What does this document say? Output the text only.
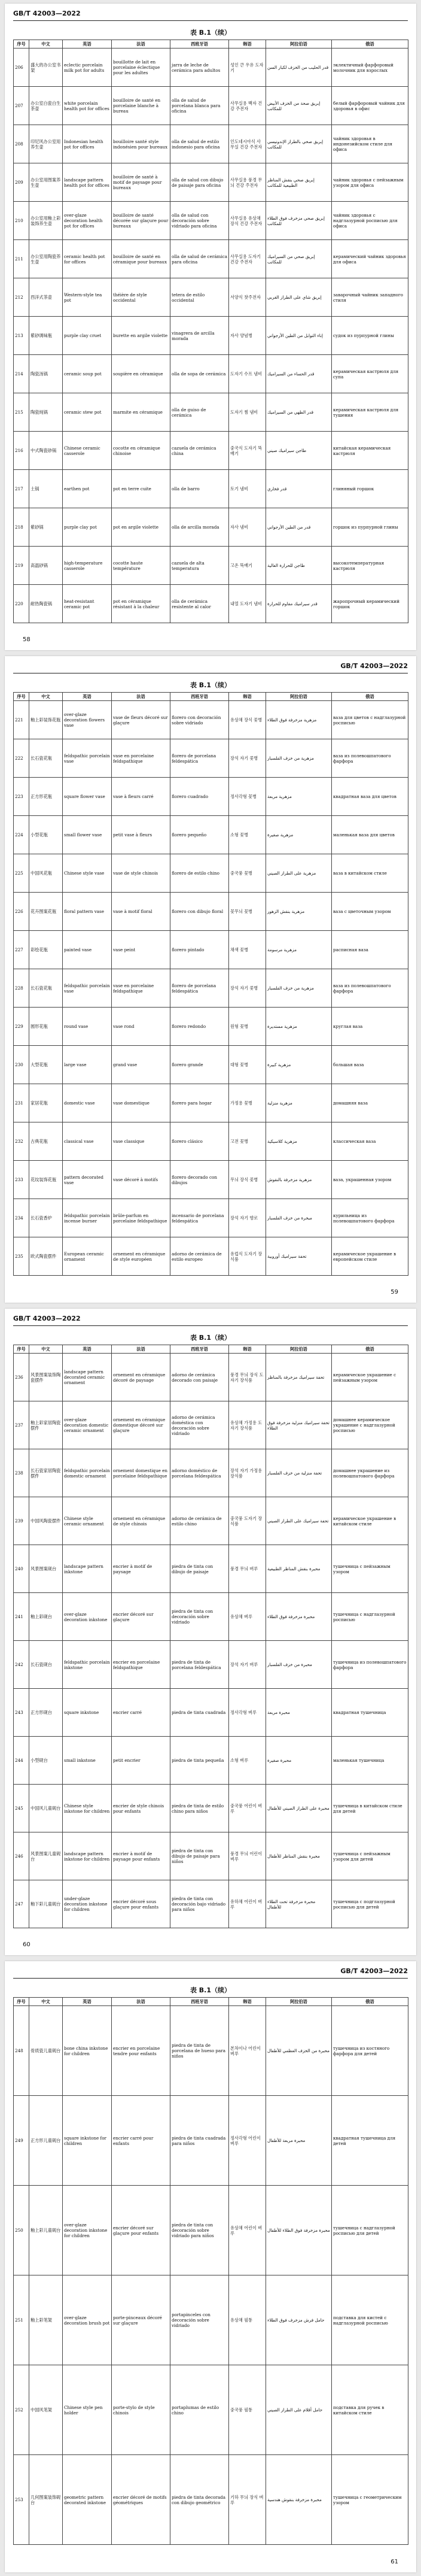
GB/T 42003—2022
表 B.1（续）
序号	中文	英语	法语	西班牙语	韩语	阿拉伯语	俄语
206	盛大的办公室书架	eclectic porcelain milk pot for adults	bouillotte de lait en porcelaine éclectique pour les adultes	jarra de leche de cerámica para adultos	성인 큰 우유 도자기	قدر الحليب من الخزف لكبار السن	эклектичный фарфоровый молочник для взрослых
207	办公室白瓷白生茶壶	white porcelain health pot for offices	bouilloire de santé en porcelaine blanche à bureau	olla de salud de porcelana blanca para oficina	사무실용 백자 건강 주전자	إبريق صحة من الخزف الأبيض للمكاتب	белый фарфоровый чайник для здоровья в офис
208	印尼风办公室用养生壶	Indonesian health pot for offices	bouilloire santé style indonésien pour bureaux	olla de salud de estilo indonesio para oficina	인도네시아식 사무실 건강 주전자	إبريق صحي بالطراز الإندونيسي للمكاتب	чайник здоровья в индонезийском стиле для офиса
209	办公室用图案养生壶	landscape pattern health pot for offices	bouilloire de santé à motif de paysage pour bureaux	olla de salud con dibujo de paisaje para oficina	사무실용 풍경 무늬 건강 주전자	إبريق صحي بنقش المناظر الطبيعية للمكاتب	чайник здоровья с пейзажным узором для офиса
210	办公室用釉上彩装饰养生壶	over-glaze decoration health pot for offices	bouilloire de santé décorée sur glaçure pour bureaux	olla de salud con decoración sobre vidriado para oficina	사무실용 유상채 장식 건강 주전자	إبريق صحي مزخرف فوق الطلاء للمكاتب	чайник здоровья с надглазурной росписью для офиса
211	办公室用陶瓷养生壶	ceramic health pot for offices	bouilloire de santé en céramique pour bureaux	olla de salud de cerámica para oficina	사무실용 도자기 건강 주전자	إبريق صحي من السيراميك للمكاتب	керамический чайник здоровья для офиса
212	西洋式茶壶	Western-style tea pot	théière de style occidental	tetera de estilo occidental	서양식 찻주전자	إبريق شاي على الطراز الغربي	заварочный чайник западного стиля
213	紫砂调味瓶	purple clay cruet	burette en argile violette	vinagrera de arcilla morada	자사 양념병	إناء التوابل من الطين الأرجواني	судок из пурпурной глины
214	陶瓷汤锅	ceramic soup pot	soupière en céramique	olla de sopa de cerámica	도자기 수프 냄비	قدر الحساء من السيراميك	керамическая кастрюля для супа
215	陶瓷炖锅	ceramic stew pot	marmite en céramique	olla de guiso de cerámica	도자기 찜 냄비	قدر الطهي من السيراميك	керамическая кастрюля для тушения
216	中式陶瓷砂锅	Chinese ceramic casserole	cocotte en céramique chinoise	cazuela de cerámica china	중국식 도자기 뚝배기	طاجن سيراميك صيني	китайская керамическая кастрюля
217	土锅	earthen pot	pot en terre cuite	olla de barro	토기 냄비	قدر فخاري	глиняный горшок
218	紫砂锅	purple clay pot	pot en argile violette	olla de arcilla morada	자사 냄비	قدر من الطين الأرجواني	горшок из пурпурной глины
219	高温砂锅	high-temperature casserole	cocotte haute température	cazuela de alta temperatura	고온 뚝배기	طاجن للحرارة العالية	высокотемпературная кастрюля
220	耐热陶瓷锅	heat-resistant ceramic pot	pot en céramique résistant à la chaleur	olla de cerámica resistente al calor	내열 도자기 냄비	قدر سيراميك مقاوم للحرارة	жаропрочный керамический горшок
58
GB/T 42003—2022
表 B.1（续）
序号	中文	英语	法语	西班牙语	韩语	阿拉伯语	俄语
221	釉上彩装饰花瓶	over-glaze decoration flowers vase	vase de fleurs décoré sur glaçure	florero con decoración sobre vidriado	유상채 장식 꽃병	مزهرية مزخرفة فوق الطلاء	ваза для цветов с надглазурной росписью
222	长石瓷花瓶	feldspathic porcelain vase	vase en porcelaine feldspathique	florero de porcelana feldespática	장석 자기 꽃병	مزهرية من خزف الفلسبار	ваза из полевошпатового фарфора
223	正方形花瓶	square flower vase	vase à fleurs carré	florero cuadrado	정사각형 꽃병	مزهرية مربعة	квадратная ваза для цветов
224	小型花瓶	small flower vase	petit vase à fleurs	florero pequeño	소형 꽃병	مزهرية صغيرة	маленькая ваза для цветов
225	中国风花瓶	Chinese style vase	vase de style chinois	florero de estilo chino	중국풍 꽃병	مزهرية على الطراز الصيني	ваза в китайском стиле
226	花卉图案花瓶	floral pattern vase	vase à motif floral	florero con dibujo floral	꽃무늬 꽃병	مزهرية بنقش الزهور	ваза с цветочным узором
227	彩绘花瓶	painted vase	vase peint	florero pintado	채색 꽃병	مزهرية مرسومة	расписная ваза
228	长石瓷花瓶	feldspathic porcelain vase	vase en porcelaine feldspathique	florero de porcelana feldespática	장석 자기 꽃병	مزهرية من خزف الفلسبار	ваза из полевошпатового фарфора
229	圆形花瓶	round vase	vase rond	florero redondo	원형 꽃병	مزهرية مستديرة	круглая ваза
230	大型花瓶	large vase	grand vase	florero grande	대형 꽃병	مزهرية كبيرة	большая ваза
231	家居花瓶	domestic vase	vase domestique	florero para hogar	가정용 꽃병	مزهرية منزلية	домашняя ваза
232	古典花瓶	classical vase	vase classique	florero clásico	고전 꽃병	مزهرية كلاسيكية	классическая ваза
233	花纹装饰花瓶	pattern decorated vase	vase décoré à motifs	florero decorado con dibujos	무늬 장식 꽃병	مزهرية مزخرفة بالنقوش	ваза, украшенная узором
234	长石瓷香炉	feldspathic porcelain incense burner	brûle-parfum en porcelaine feldspathique	incensario de porcelana feldespática	장석 자기 향로	مبخرة من خزف الفلسبار	курильница из полевошпатового фарфора
235	欧式陶瓷摆件	European ceramic ornament	ornement en céramique de style européen	adorno de cerámica de estilo europeo	유럽식 도자기 장식품	تحفة سيراميك أوروبية	керамическое украшение в европейском стиле
59
GB/T 42003—2022
表 B.1（续）
序号	中文	英语	法语	西班牙语	韩语	阿拉伯语	俄语
236	风景图案装饰陶瓷摆件	landscape pattern decorated ceramic ornament	ornement en céramique décoré de paysage	adorno de cerámica decorado con paisaje	풍경 무늬 장식 도자기 장식품	تحفة سيراميك مزخرفة بالمناظر	керамическое украшение с пейзажным узором
237	釉上彩家居陶瓷摆件	over-glaze decoration domestic ceramic ornament	ornement en céramique domestique décoré sur glaçure	adorno de cerámica doméstica con decoración sobre vidriado	유상채 가정용 도자기 장식품	تحفة سيراميك منزلية مزخرفة فوق الطلاء	домашнее керамическое украшение с надглазурной росписью
238	长石瓷家居陶瓷摆件	feldspathic porcelain domestic ornament	ornement domestique en porcelaine feldspathique	adorno doméstico de porcelana feldespática	장석 자기 가정용 장식품	تحفة منزلية من خزف الفلسبار	домашнее украшение из полевошпатового фарфора
239	中国风陶瓷摆件	Chinese style ceramic ornament	ornement en céramique de style chinois	adorno de cerámica de estilo chino	중국풍 도자기 장식품	تحفة سيراميك على الطراز الصيني	керамическое украшение в китайском стиле
240	风景图案砚台	landscape pattern inkstone	encrier à motif de paysage	piedra de tinta con dibujo de paisaje	풍경 무늬 벼루	محبرة بنقش المناظر الطبيعية	тушечница с пейзажным узором
241	釉上彩砚台	over-glaze decoration inkstone	encrier décoré sur glaçure	piedra de tinta con decoración sobre vidriado	유상채 벼루	محبرة مزخرفة فوق الطلاء	тушечница с надглазурной росписью
242	长石瓷砚台	feldspathic porcelain inkstone	encrier en porcelaine feldspathique	piedra de tinta de porcelana feldespática	장석 자기 벼루	محبرة من خزف الفلسبار	тушечница из полевошпатового фарфора
243	正方形砚台	square inkstone	encrier carré	piedra de tinta cuadrada	정사각형 벼루	محبرة مربعة	квадратная тушечница
244	小型砚台	small inkstone	petit encrier	piedra de tinta pequeña	소형 벼루	محبرة صغيرة	маленькая тушечница
245	中国风儿童砚台	Chinese style inkstone for children	encrier de style chinois pour enfants	piedra de tinta de estilo chino para niños	중국풍 어린이 벼루	محبرة على الطراز الصيني للأطفال	тушечница в китайском стиле для детей
246	风景图案儿童砚台	landscape pattern inkstone for children	encrier à motif de paysage pour enfants	piedra de tinta con dibujo de paisaje para niños	풍경 무늬 어린이 벼루	محبرة بنقش المناظر للأطفال	тушечница с пейзажным узором для детей
247	釉下彩儿童砚台	under-glaze decoration inkstone for children	encrier décoré sous glaçure pour enfants	piedra de tinta con decoración bajo vidriado para niños	유하채 어린이 벼루	محبرة مزخرفة تحت الطلاء للأطفال	тушечница с подглазурной росписью для детей
60
GB/T 42003—2022
表 B.1（续）
序号	中文	英语	法语	西班牙语	韩语	阿拉伯语	俄语
248	骨质瓷儿童砚台	bone china inkstone for children	encrier en porcelaine tendre pour enfants	piedra de tinta de porcelana de hueso para niños	본차이나 어린이 벼루	محبرة من الخزف العظمي للأطفال	тушечница из костяного фарфора для детей
249	正方形儿童砚台	square inkstone for children	encrier carré pour enfants	piedra de tinta cuadrada para niños	정사각형 어린이 벼루	محبرة مربعة للأطفال	квадратная тушечница для детей
250	釉上彩儿童砚台	over-glaze decoration inkstone for children	encrier décoré sur glaçure pour enfants	piedra de tinta con decoración sobre vidriado para niños	유상채 어린이 벼루	محبرة مزخرفة فوق الطلاء للأطفال	тушечница с надглазурной росписью для детей
251	釉上彩笔架	over-glaze decoration brush pot	porte-pinceaux décoré sur glaçure	portapinceles con decoración sobre vidriado	유상채 필통	حامل فرش مزخرف فوق الطلاء	подставка для кистей с надглазурной росписью
252	中国风笔架	Chinese style pen holder	porte-stylo de style chinois	portaplumas de estilo chino	중국풍 필통	حامل أقلام على الطراز الصيني	подставка для ручек в китайском стиле
253	几何图案装饰砚台	geometric pattern decorated inkstone	encrier décoré de motifs géométriques	piedra de tinta decorada con dibujo geométrico	기하 무늬 장식 벼루	محبرة مزخرفة بنقوش هندسية	тушечница с геометрическим узором
61
